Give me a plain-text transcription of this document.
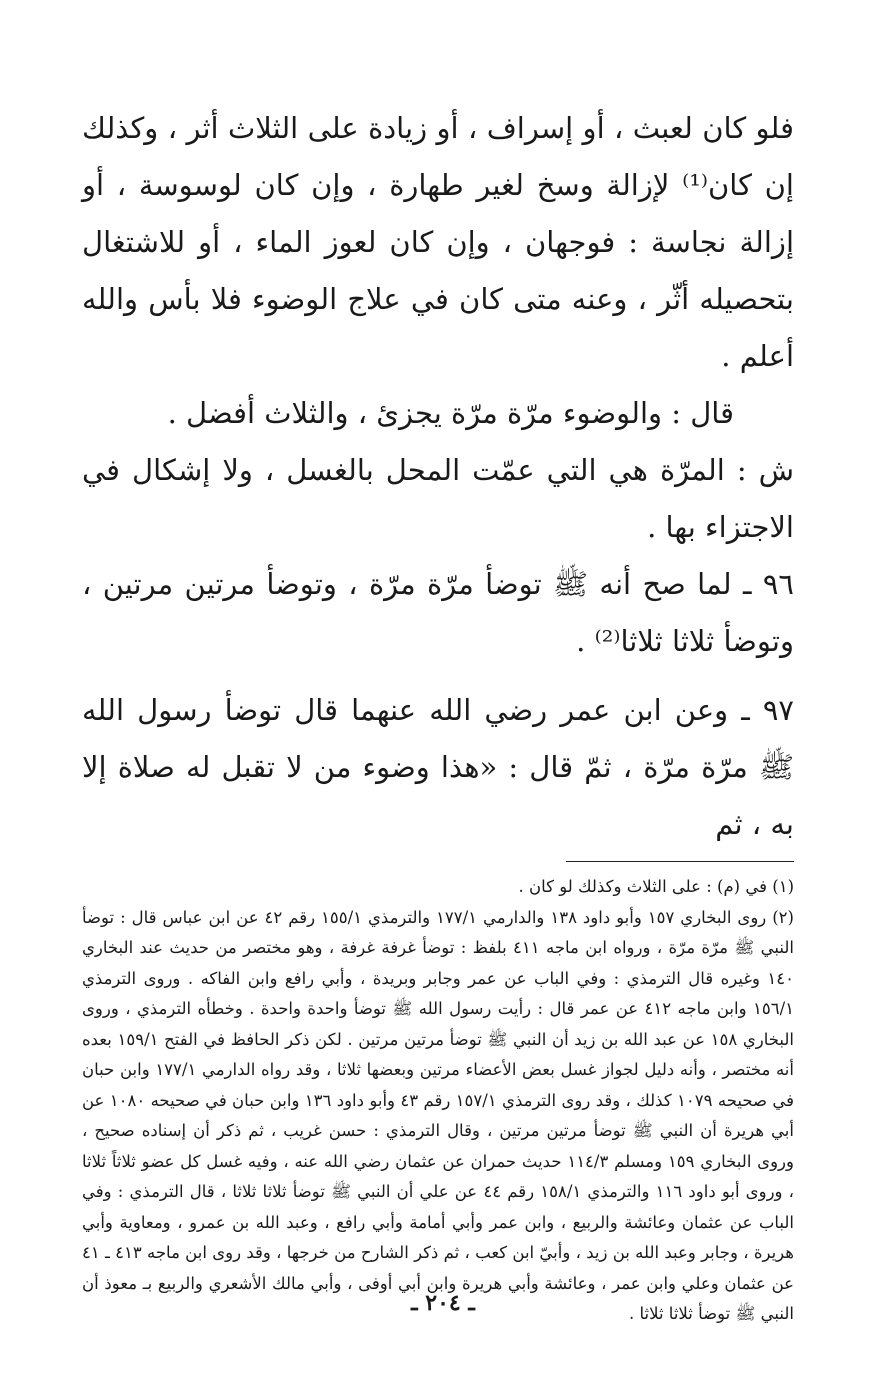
فلو كان لعبث ، أو إسراف ، أو زيادة على الثلاث أثر ، وكذلك إن كان⁽¹⁾ لإزالة وسخ لغير طهارة ، وإن كان لوسوسة ، أو إزالة نجاسة : فوجهان ، وإن كان لعوز الماء ، أو للاشتغال بتحصيله أثّر ، وعنه متى كان في علاج الوضوء فلا بأس والله أعلم .

قال : والوضوء مرّة مرّة يجزئ ، والثلاث أفضل .

ش : المرّة هي التي عمّت المحل بالغسل ، ولا إشكال في الاجتزاء بها .

٩٦ ـ لما صح أنه ﷺ توضأ مرّة مرّة ، وتوضأ مرتين مرتين ، وتوضأ ثلاثا ثلاثا⁽²⁾ .

٩٧ ـ وعن ابن عمر رضي الله عنهما قال توضأ رسول الله ﷺ مرّة مرّة ، ثمّ قال : «هذا وضوء من لا تقبل له صلاة إلا به ، ثم

(١) في (م) : على الثلاث وكذلك لو كان .

(٢) روى البخاري ١٥٧ وأبو داود ١٣٨ والدارمي ١٧٧/١ والترمذي ١٥٥/١ رقم ٤٢ عن ابن عباس قال : توضأ النبي ﷺ مرّة مرّة ، ورواه ابن ماجه ٤١١ بلفظ : توضأ غرفة غرفة ، وهو مختصر من حديث عند البخاري ١٤٠ وغيره قال الترمذي : وفي الباب عن عمر وجابر وبريدة ، وأبي رافع وابن الفاكه . وروى الترمذي ١٥٦/١ وابن ماجه ٤١٢ عن عمر قال : رأيت رسول الله ﷺ توضأ واحدة واحدة . وخطأه الترمذي ، وروى البخاري ١٥٨ عن عبد الله بن زيد أن النبي ﷺ توضأ مرتين مرتين . لكن ذكر الحافظ في الفتح ١٥٩/١ بعده أنه مختصر ، وأنه دليل لجواز غسل بعض الأعضاء مرتين وبعضها ثلاثا ، وقد رواه الدارمي ١٧٧/١ وابن حبان في صحيحه ١٠٧٩ كذلك ، وقد روى الترمذي ١٥٧/١ رقم ٤٣ وأبو داود ١٣٦ وابن حبان في صحيحه ١٠٨٠ عن أبي هريرة أن النبي ﷺ توضأ مرتين مرتين ، وقال الترمذي : حسن غريب ، ثم ذكر أن إسناده صحيح ، وروى البخاري ١٥٩ ومسلم ١١٤/٣ حديث حمران عن عثمان رضي الله عنه ، وفيه غسل كل عضو ثلاثاً ثلاثا ، وروى أبو داود ١١٦ والترمذي ١٥٨/١ رقم ٤٤ عن علي أن النبي ﷺ توضأ ثلاثا ثلاثا ، قال الترمذي : وفي الباب عن عثمان وعائشة والربيع ، وابن عمر وأبي أمامة وأبي رافع ، وعبد الله بن عمرو ، ومعاوية وأبي هريرة ، وجابر وعبد الله بن زيد ، وأبيّ ابن كعب ، ثم ذكر الشارح من خرجها ، وقد روى ابن ماجه ٤١٣ ـ ٤١ عن عثمان وعلي وابن عمر ، وعائشة وأبي هريرة وابن أبي أوفى ، وأبي مالك الأشعري والربيع بـ معوذ أن النبي ﷺ توضأ ثلاثا ثلاثا .

ـ ٢٠٤ ـ
